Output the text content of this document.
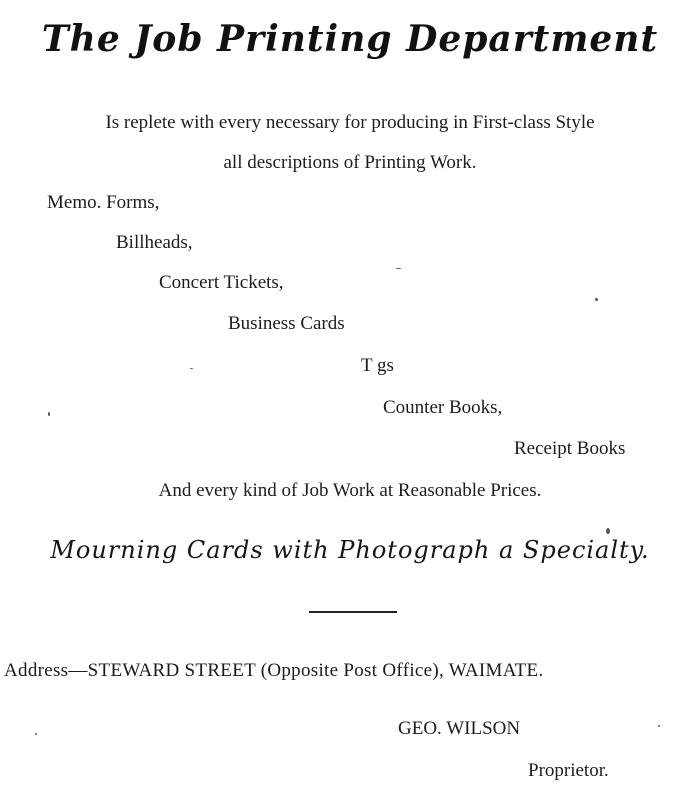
The Job Printing Department
Is replete with every necessary for producing in First-class Style
all descriptions of Printing Work.
Memo. Forms,
Billheads,
Concert Tickets,
Business Cards
T gs
Counter Books,
Receipt Books
And every kind of Job Work at Reasonable Prices.
Mourning Cards with Photograph a Specialty.
Address—STEWARD STREET (Opposite Post Office), WAIMATE.
GEO. WILSON
Proprietor.
